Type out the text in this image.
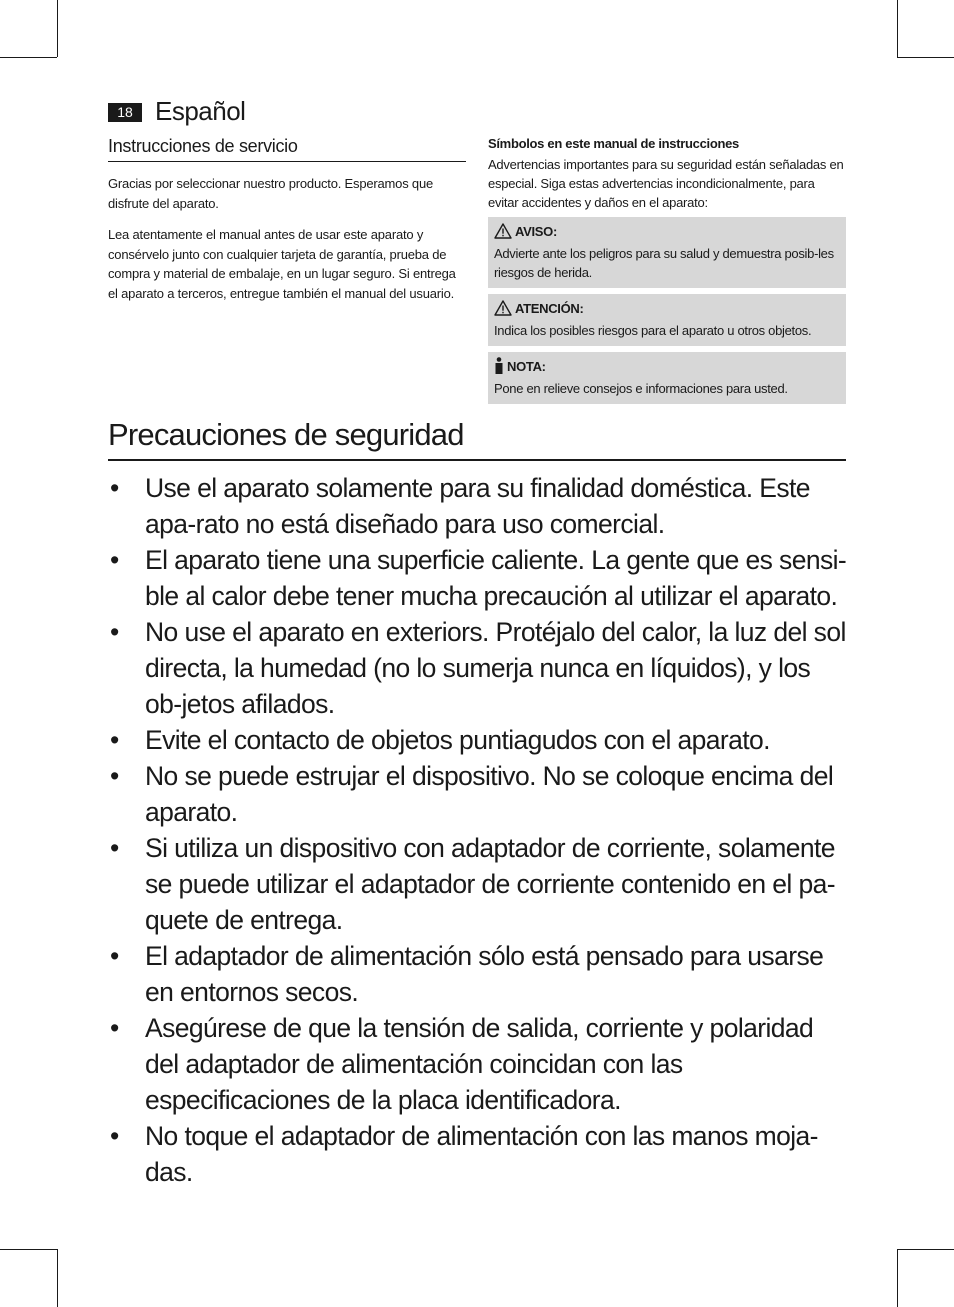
18 Español
Instrucciones de servicio

Gracias por seleccionar nuestro producto. Esperamos que disfrute del aparato.

Lea atentamente el manual antes de usar este aparato y consérvelo junto con cualquier tarjeta de garantía, prueba de compra y material de embalaje, en un lugar seguro. Si entrega el aparato a terceros, entregue también el manual del usuario.

Símbolos en este manual de instrucciones

Advertencias importantes para su seguridad están señaladas en especial. Siga estas advertencias incondicionalmente, para evitar accidentes y daños en el aparato:

AVISO:
Advierte ante los peligros para su salud y demuestra posib-les riesgos de herida.
ATENCIÓN:
Indica los posibles riesgos para el aparato u otros objetos.
NOTA:
Pone en relieve consejos e informaciones para usted.
Precauciones de seguridad
• Use el aparato solamente para su finalidad doméstica. Este apa-rato no está diseñado para uso comercial.
• El aparato tiene una superficie caliente. La gente que es sensi-ble al calor debe tener mucha precaución al utilizar el aparato.
• No use el aparato en exteriors. Protéjalo del calor, la luz del sol directa, la humedad (no lo sumerja nunca en líquidos), y los ob-jetos afilados.
• Evite el contacto de objetos puntiagudos con el aparato.
• No se puede estrujar el dispositivo. No se coloque encima del aparato.
• Si utiliza un dispositivo con adaptador de corriente, solamente se puede utilizar el adaptador de corriente contenido en el pa-quete de entrega.
• El adaptador de alimentación sólo está pensado para usarse en entornos secos.
• Asegúrese de que la tensión de salida, corriente y polaridad del adaptador de alimentación coincidan con las especificaciones de la placa identificadora.
• No toque el adaptador de alimentación con las manos moja-das.
